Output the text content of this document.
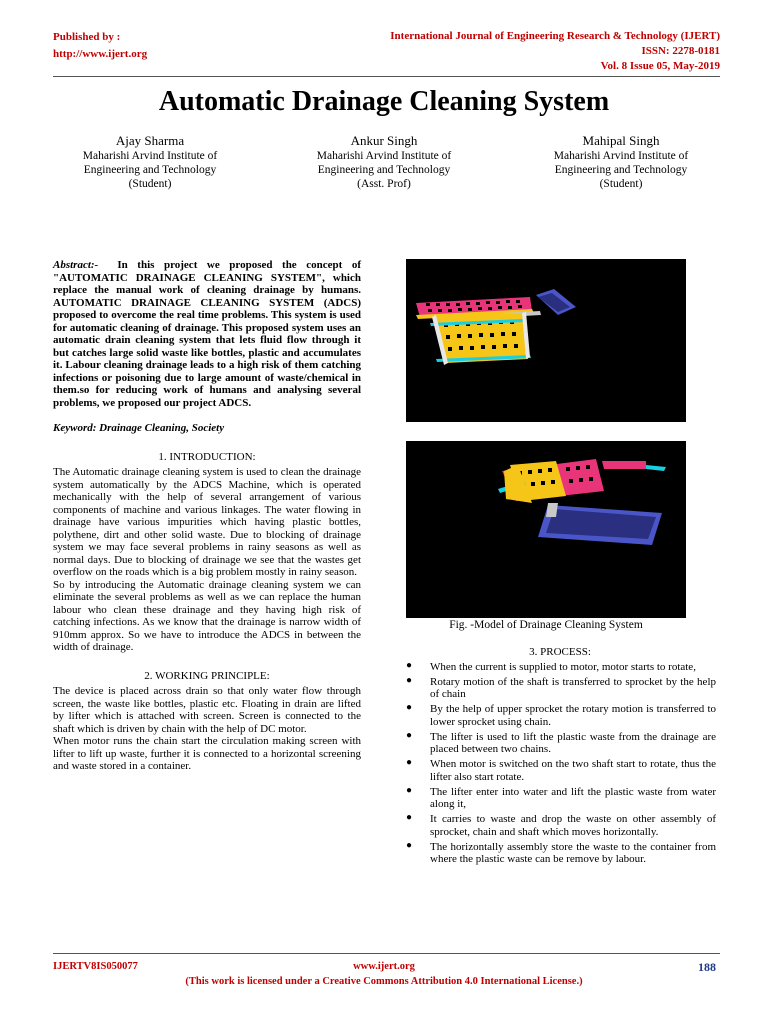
Published by :
http://www.ijert.org
International Journal of Engineering Research & Technology (IJERT)
ISSN: 2278-0181
Vol. 8 Issue 05, May-2019
Automatic Drainage Cleaning System
Ajay Sharma
Maharishi Arvind Institute of
Engineering and Technology
(Student)
Ankur Singh
Maharishi Arvind Institute of
Engineering and Technology
(Asst. Prof)
Mahipal Singh
Maharishi Arvind Institute of
Engineering and Technology
(Student)

Abstract:- In this project we proposed the concept of "AUTOMATIC DRAINAGE CLEANING SYSTEM", which replace the manual work of cleaning drainage by humans. AUTOMATIC DRAINAGE CLEANING SYSTEM (ADCS) proposed to overcome the real time problems. This system is used for automatic cleaning of drainage. This proposed system uses an automatic drain cleaning system that lets fluid flow through it but catches large solid waste like bottles, plastic and accumulates it. Labour cleaning drainage leads to a high risk of them catching infections or poisoning due to large amount of waste/chemical in them.so for reducing work of humans and analysing several problems, we proposed our project ADCS.

Keyword: Drainage Cleaning, Society

1. INTRODUCTION:

The Automatic drainage cleaning system is used to clean the drainage system automatically by the ADCS Machine, which is operated mechanically with the help of several arrangement of various components of machine and various linkages. The water flowing in drainage have various impurities which having plastic bottles, polythene, dirt and other solid waste. Due to blocking of drainage system we may face several problems in rainy seasons as well as normal days. Due to blocking of drainage we see that the wastes get overflow on the roads which is a big problem mostly in rainy season.

So by introducing the Automatic drainage cleaning system we can eliminate the several problems as well as we can replace the human labour who clean these drainage and they having high risk of catching infections. As we know that the drainage is narrow width of 910mm approx. So we have to introduce the ADCS in between the width of drainage.

2. WORKING PRINCIPLE:

The device is placed across drain so that only water flow through screen, the waste like bottles, plastic etc. Floating in drain are lifted by lifter which is attached with screen. Screen is connected to the shaft which is driven by chain with the help of DC motor.

When motor runs the chain start the circulation making screen with lifter to lift up waste, further it is connected to a horizontal screening and waste stored in a container.

Fig. -Model of Drainage Cleaning System

3. PROCESS:

● When the current is supplied to motor, motor starts to rotate,
● Rotary motion of the shaft is transferred to sprocket by the help of chain
● By the help of upper sprocket the rotary motion is transferred to lower sprocket using chain.
● The lifter is used to lift the plastic waste from the drainage are placed between two chains.
● When motor is switched on the two shaft start to rotate, thus the lifter also start rotate.
● The lifter enter into water and lift the plastic waste from water along it,
● It carries to waste and drop the waste on other assembly of sprocket, chain and shaft which moves horizontally.
● The horizontally assembly store the waste to the container from where the plastic waste can be remove by labour.
IJERTV8IS050077	www.ijert.org	188
(This work is licensed under a Creative Commons Attribution 4.0 International License.)
